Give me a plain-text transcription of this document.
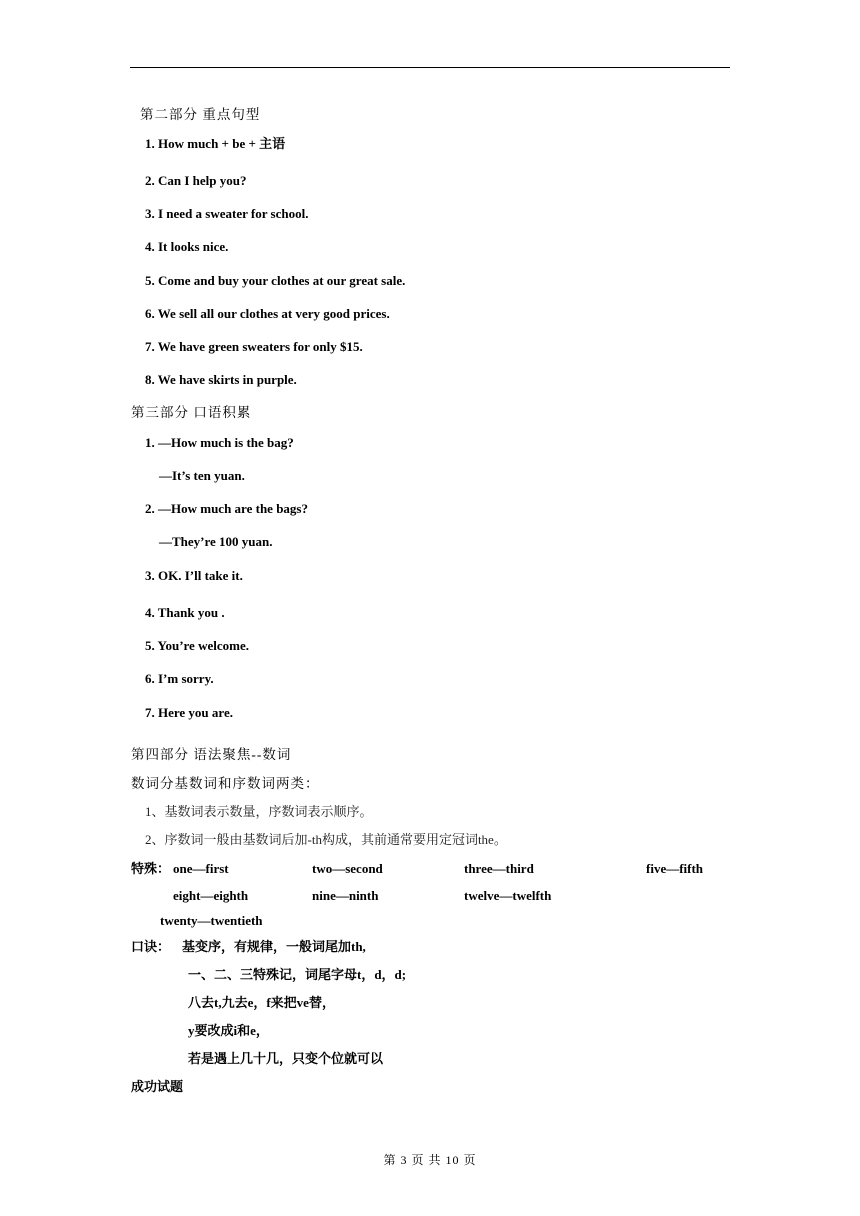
第二部分 重点句型
1. How much + be + 主语
2. Can I help you?
3. I need a sweater for school.
4. It looks nice.
5. Come and buy your clothes at our great sale.
6. We sell all our clothes at very good prices.
7. We have green sweaters for only $15.
8. We have skirts in purple.
第三部分 口语积累
1. —How much is the bag?
—It’s ten yuan.
2. —How much are the bags?
—They’re 100 yuan.
3. OK. I’ll take it.
4. Thank you .
5. You’re welcome.
6. I’m sorry.
7. Here you are.
第四部分 语法聚焦--数词
数词分基数词和序数词两类：
1、基数词表示数量，序数词表示顺序。
2、序数词一般由基数词后加-th构成，其前通常要用定冠词the。
特殊： one—first	two—second	three—third	five—fifth
eight—eighth	nine—ninth	twelve—twelfth
twenty—twentieth
口诀： 基变序，有规律，一般词尾加th,
一、二、三特殊记，词尾字母t，d，d;
八去t,九去e，f来把ve替，
y要改成i和e，
若是遇上几十几，只变个位就可以
成功试题
第 3 页 共 10 页
